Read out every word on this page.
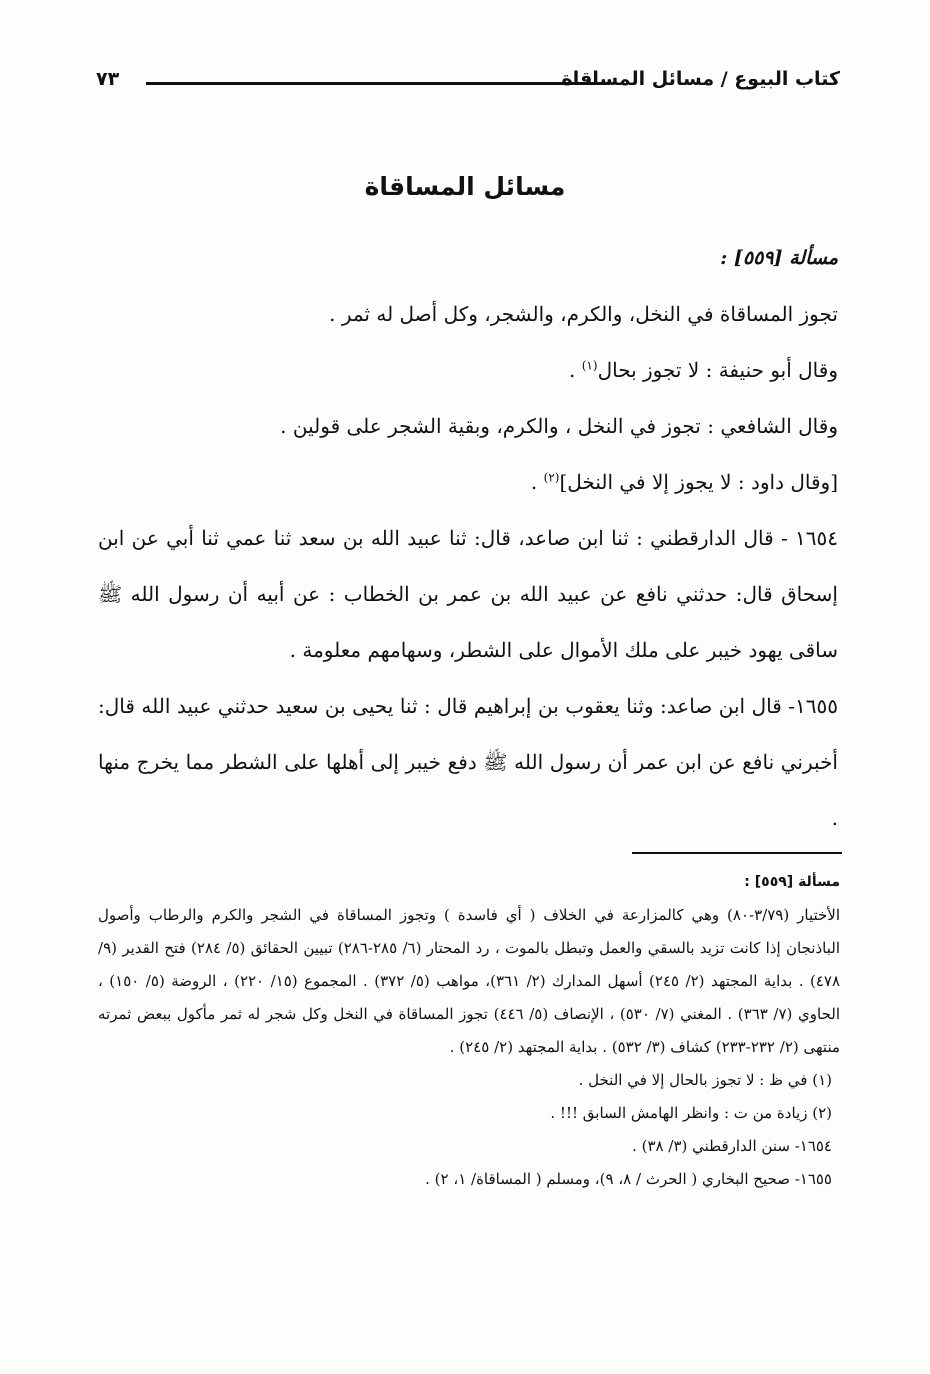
كتاب البيوع / مسائل المساقاة
٧٣
مسائل المساقاة

مسألة [٥٥٩] :

تجوز المساقاة في النخل، والكرم، والشجر، وكل أصل له ثمر .

وقال أبو حنيفة : لا تجوز بحال$^{(١)}$ .

وقال الشافعي : تجوز في النخل ، والكرم، وبقية الشجر على قولين .

[وقال داود : لا يجوز إلا في النخل]$^{(٢)}$ .

١٦٥٤ - قال الدارقطني : ثنا ابن صاعد، قال: ثنا عبيد الله بن سعد ثنا عمي ثنا أبي عن ابن إسحاق قال: حدثني نافع عن عبيد الله بن عمر بن الخطاب : عن أبيه أن رسول الله ﷺ ساقى يهود خيبر على ملك الأموال على الشطر، وسهامهم معلومة .

١٦٥٥- قال ابن صاعد: وثنا يعقوب بن إبراهيم قال : ثنا يحيى بن سعيد حدثني عبيد الله قال: أخبرني نافع عن ابن عمر أن رسول الله ﷺ دفع خيبر إلى أهلها على الشطر مما يخرج منها .

مسألة [٥٥٩] :

الأختيار (٣/٧٩-٨٠) وهي كالمزارعة في الخلاف ( أي فاسدة ) وتجوز المساقاة في الشجر والكرم والرطاب وأصول الباذنجان إذا كانت تزيد بالسقي والعمل وتبطل بالموت ، رد المحتار (٦/ ٢٨٥-٢٨٦) تبيين الحقائق (٥/ ٢٨٤) فتح القدير (٩/ ٤٧٨) . بداية المجتهد (٢/ ٢٤٥) أسهل المدارك (٢/ ٣٦١)، مواهب (٥/ ٣٧٢) . المجموع (١٥/ ٢٢٠) ، الروضة (٥/ ١٥٠) ، الحاوي (٧/ ٣٦٣) . المغني (٧/ ٥٣٠) ، الإنصاف (٥/ ٤٤٦) تجوز المساقاة في النخل وكل شجر له ثمر مأكول ببعض ثمرته منتهى (٢/ ٢٣٢-٢٣٣) كشاف (٣/ ٥٣٢) . بداية المجتهد (٢/ ٢٤٥) .

(١) في ظ : لا تجوز بالحال إلا في النخل .

(٢) زيادة من ت : وانظر الهامش السابق !!! .

١٦٥٤- سنن الدارقطني (٣/ ٣٨) .

١٦٥٥- صحيح البخاري ( الحرث / ٨، ٩)، ومسلم ( المساقاة/ ١، ٢) .
